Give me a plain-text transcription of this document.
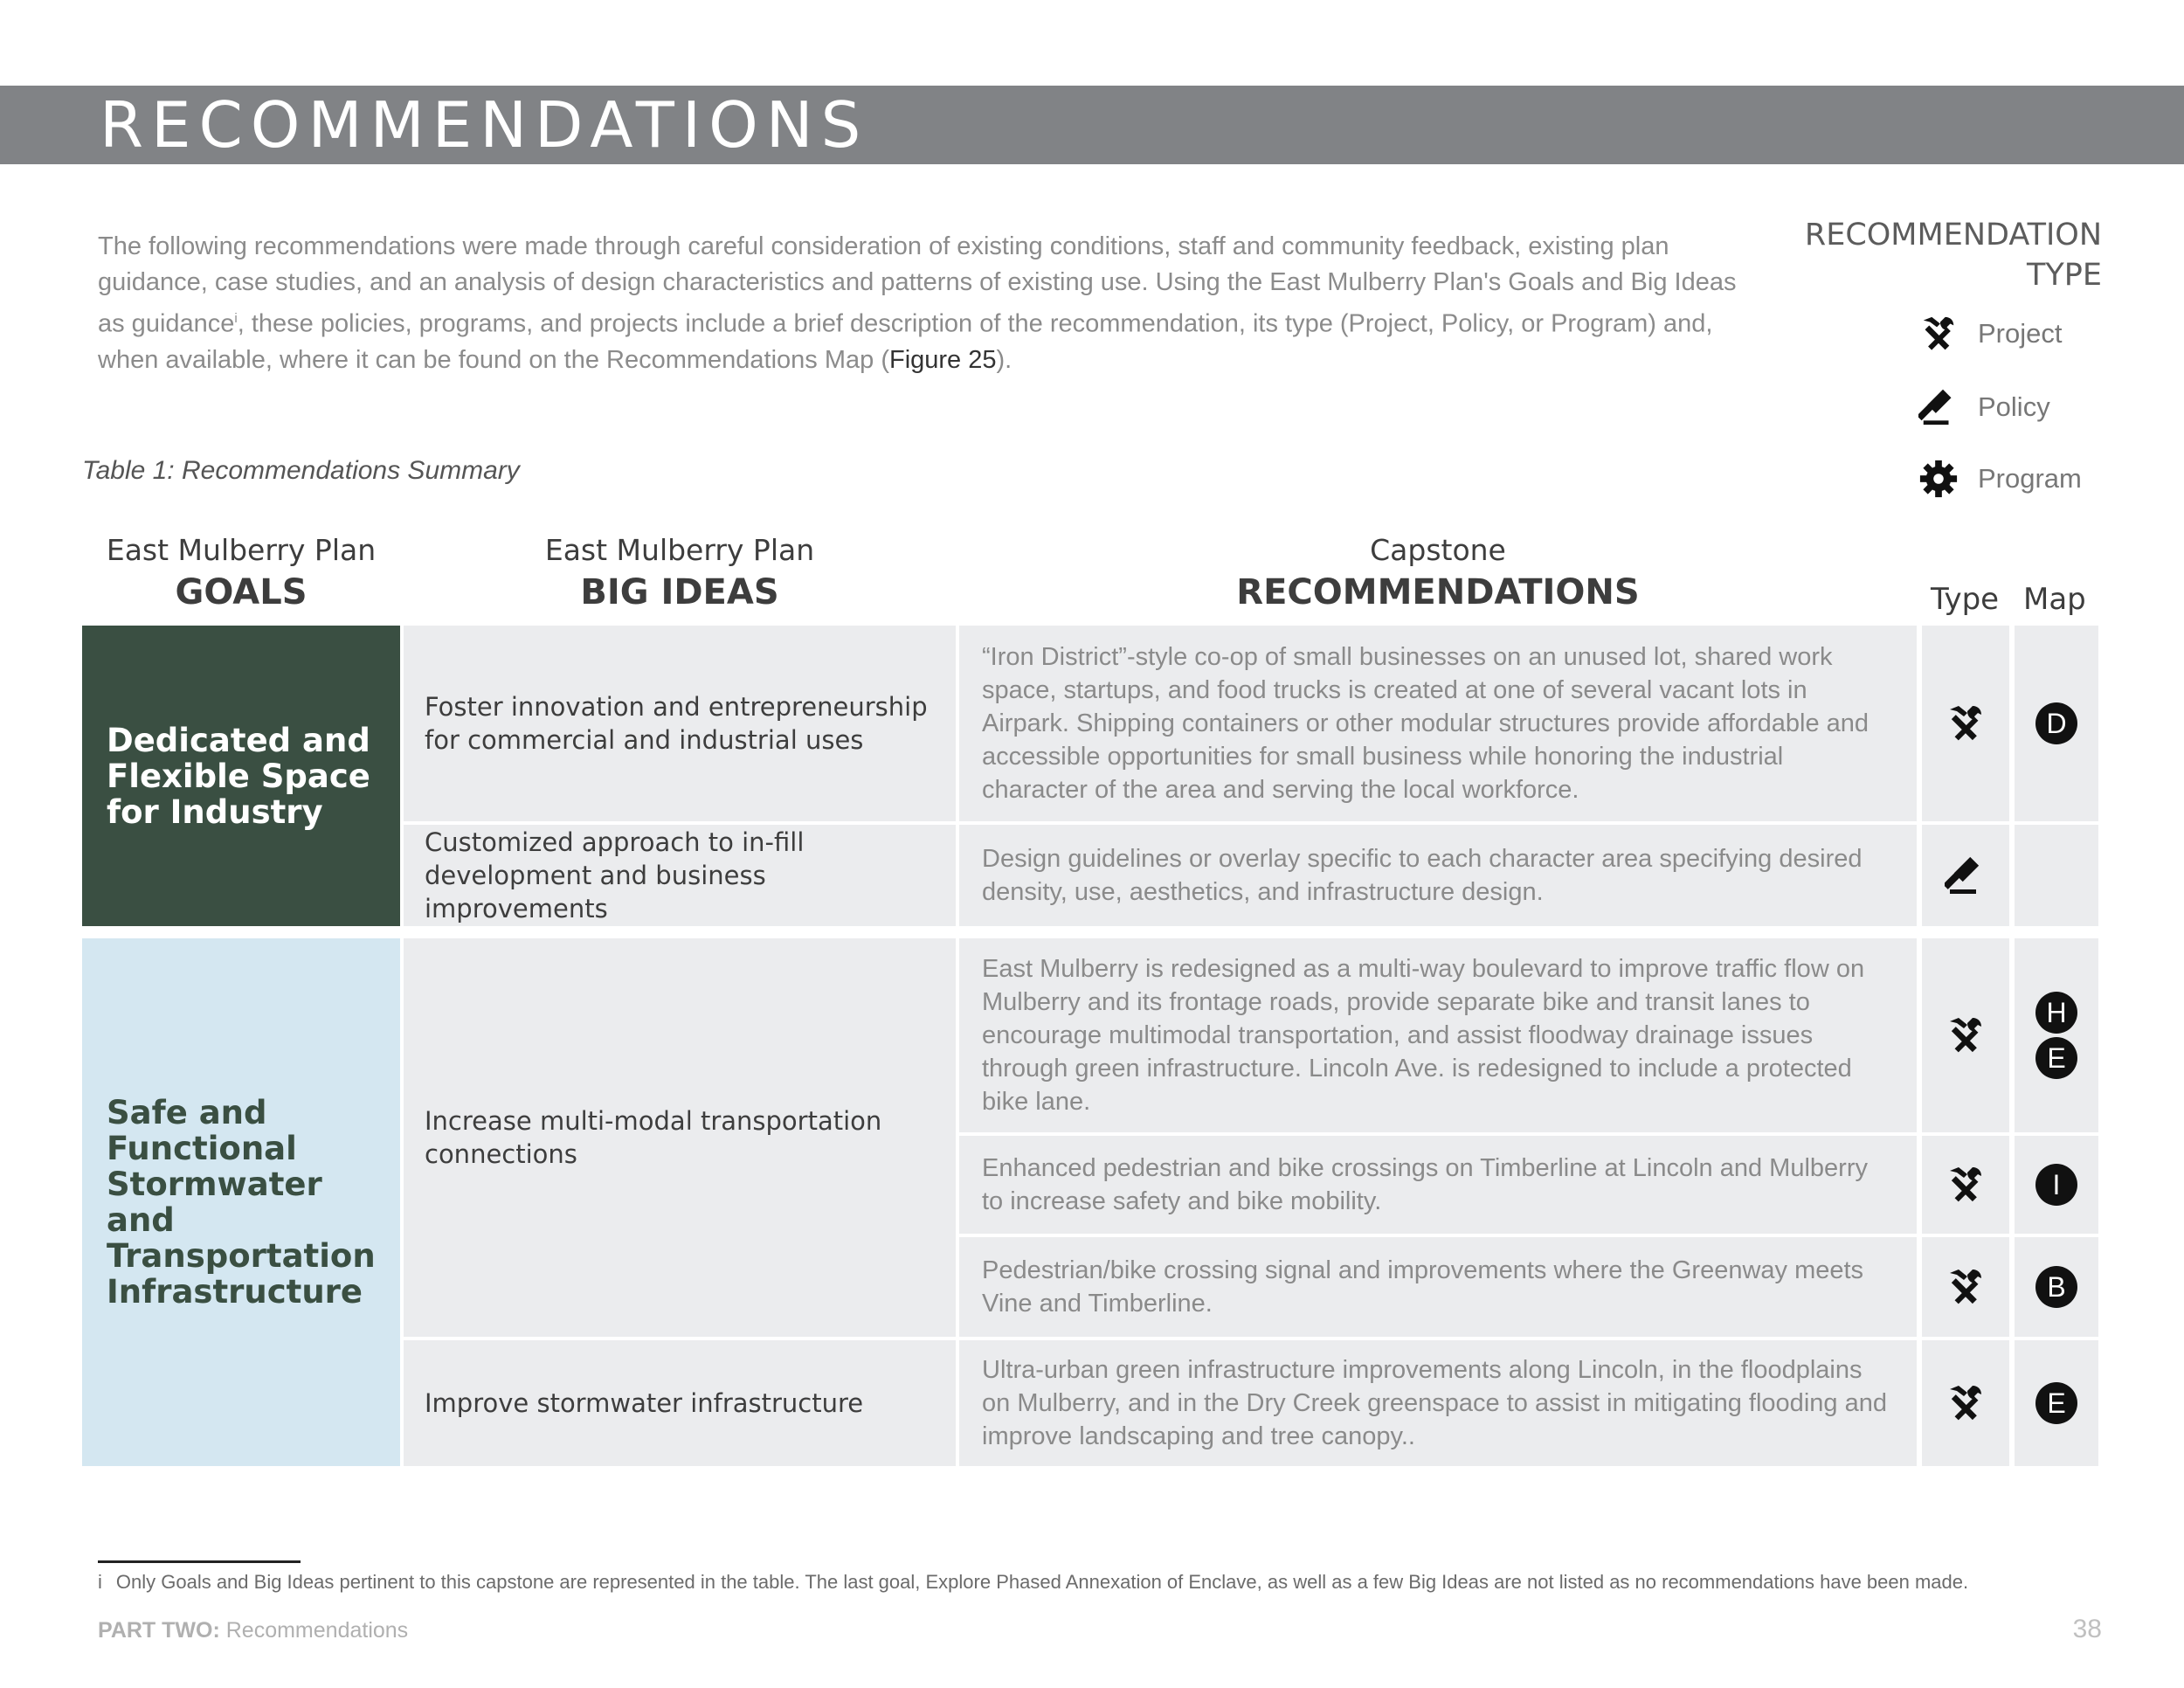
RECOMMENDATIONS
The following recommendations were made through careful consideration of existing conditions, staff and community feedback, existing plan guidance, case studies, and an analysis of design characteristics and patterns of existing use. Using the East Mulberry Plan's Goals and Big Ideas as guidance$^i$, these policies, programs, and projects include a brief description of the recommendation, its type (Project, Policy, or Program) and, when available, where it can be found on the Recommendations Map (Figure 25).
RECOMMENDATION
TYPE
Project
Policy
Program
Table 1: Recommendations Summary
East Mulberry Plan
GOALS
East Mulberry Plan
BIG IDEAS
Capstone
RECOMMENDATIONS	Type Map
Dedicated and Flexible Space for Industry
Safe and Functional Stormwater and Transportation Infrastructure
Foster innovation and entrepreneurship for commercial and industrial uses
Customized approach to in-fill development and business improvements
Increase multi-modal transportation connections
Improve stormwater infrastructure
“Iron District”-style co-op of small businesses on an unused lot, shared work space, startups, and food trucks is created at one of several vacant lots in Airpark. Shipping containers or other modular structures provide affordable and accessible opportunities for small business while honoring the industrial character of the area and serving the local workforce.
D
Design guidelines or overlay specific to each character area specifying desired density, use, aesthetics, and infrastructure design.
East Mulberry is redesigned as a multi-way boulevard to improve traffic flow on Mulberry and its frontage roads, provide separate bike and transit lanes to encourage multimodal transportation, and assist floodway drainage issues through green infrastructure. Lincoln Ave. is redesigned to include a protected bike lane.
H
E
Enhanced pedestrian and bike crossings on Timberline at Lincoln and Mulberry to increase safety and bike mobility.
I
Pedestrian/bike crossing signal and improvements where the Greenway meets Vine and Timberline.
B
Ultra-urban green infrastructure improvements along Lincoln, in the floodplains on Mulberry, and in the Dry Creek greenspace to assist in mitigating flooding and improve landscaping and tree canopy..
E
i Only Goals and Big Ideas pertinent to this capstone are represented in the table. The last goal, Explore Phased Annexation of Enclave, as well as a few Big Ideas are not listed as no recommendations have been made.
PART TWO: Recommendations	38
